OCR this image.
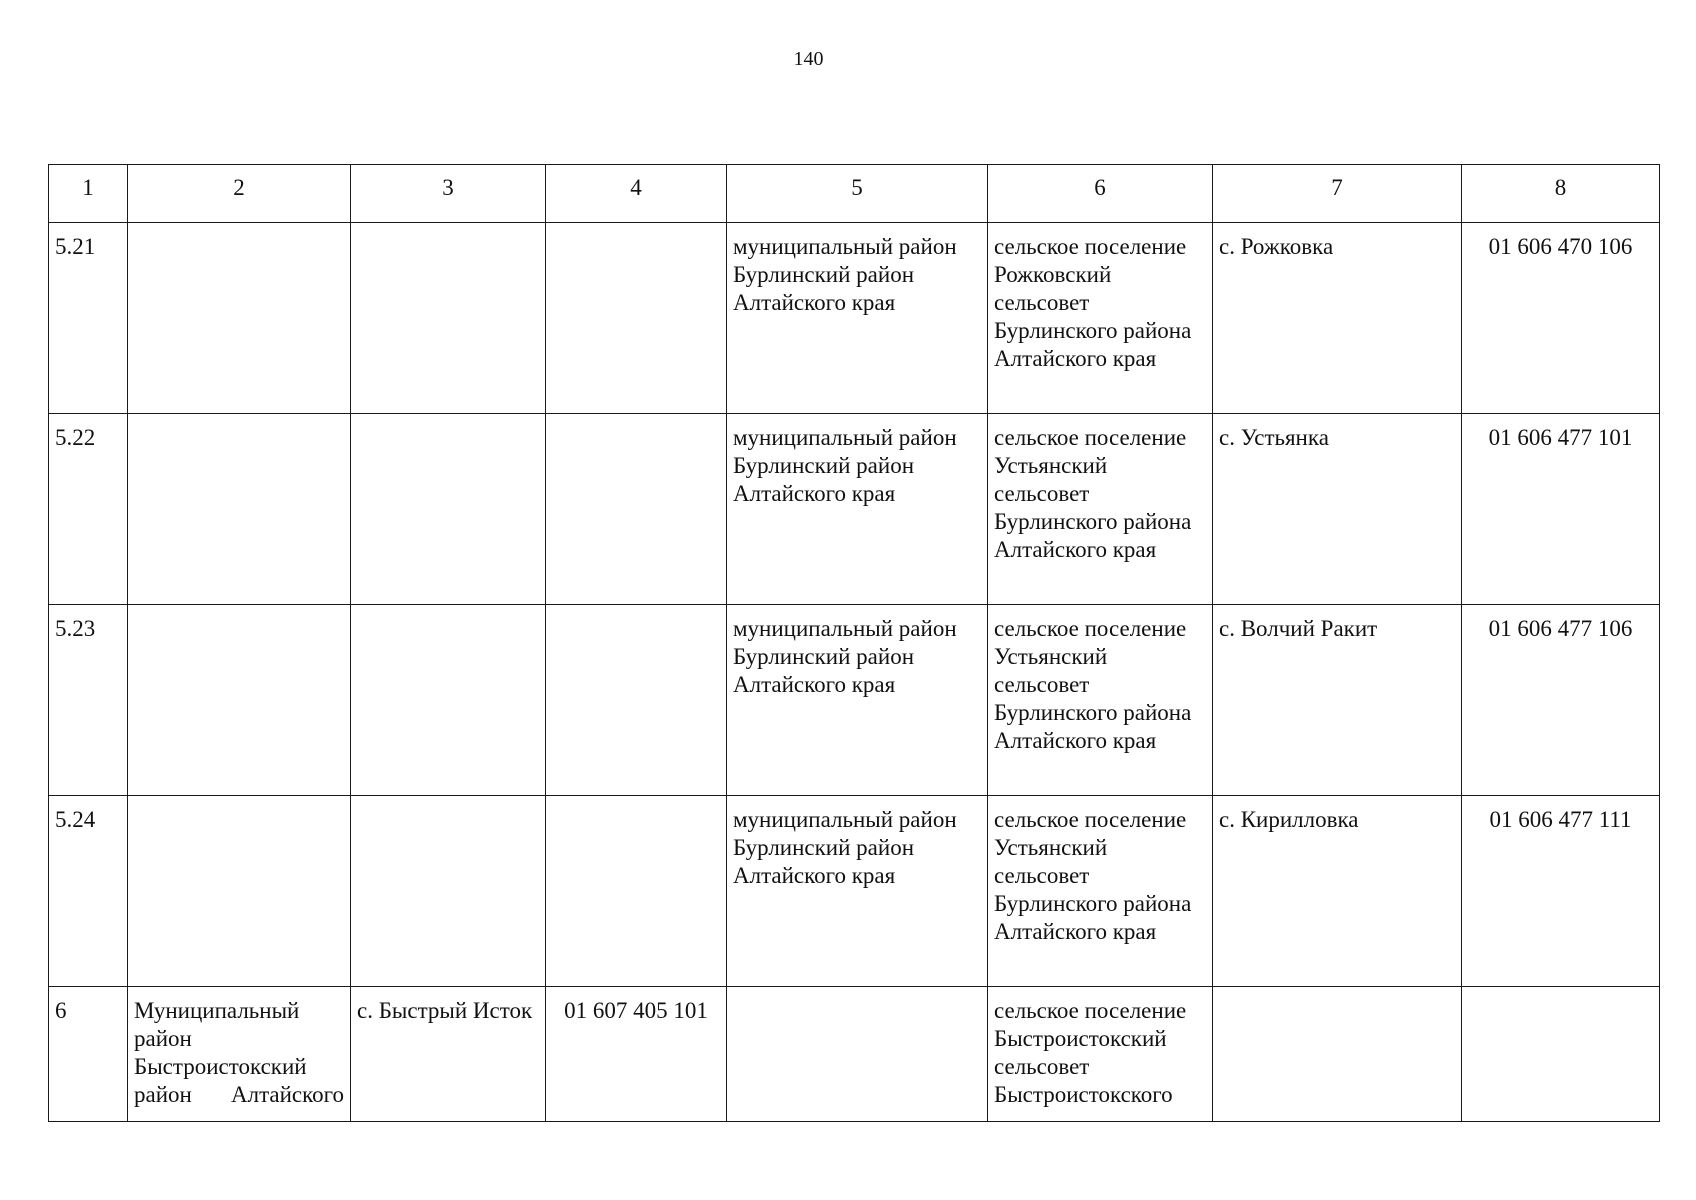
140
1	2	3	4	5	6	7	8
5.21				муниципальный район Бурлинский район Алтайского края	сельское поселение Рожковский сельсовет Бурлинского района Алтайского края	с. Рожковка	01 606 470 106
5.22				муниципальный район Бурлинский район Алтайского края	сельское поселение Устьянский сельсовет Бурлинского района Алтайского края	с. Устьянка	01 606 477 101
5.23				муниципальный район Бурлинский район Алтайского края	сельское поселение Устьянский сельсовет Бурлинского района Алтайского края	с. Волчий Ракит	01 606 477 106
5.24				муниципальный район Бурлинский район Алтайского края	сельское поселение Устьянский сельсовет Бурлинского района Алтайского края	с. Кирилловка	01 606 477 111
6	Муниципальный район Быстроистокский район Алтайского	с. Быстрый Исток	01 607 405 101		сельское поселение Быстроистокский сельсовет Быстроистокского		
